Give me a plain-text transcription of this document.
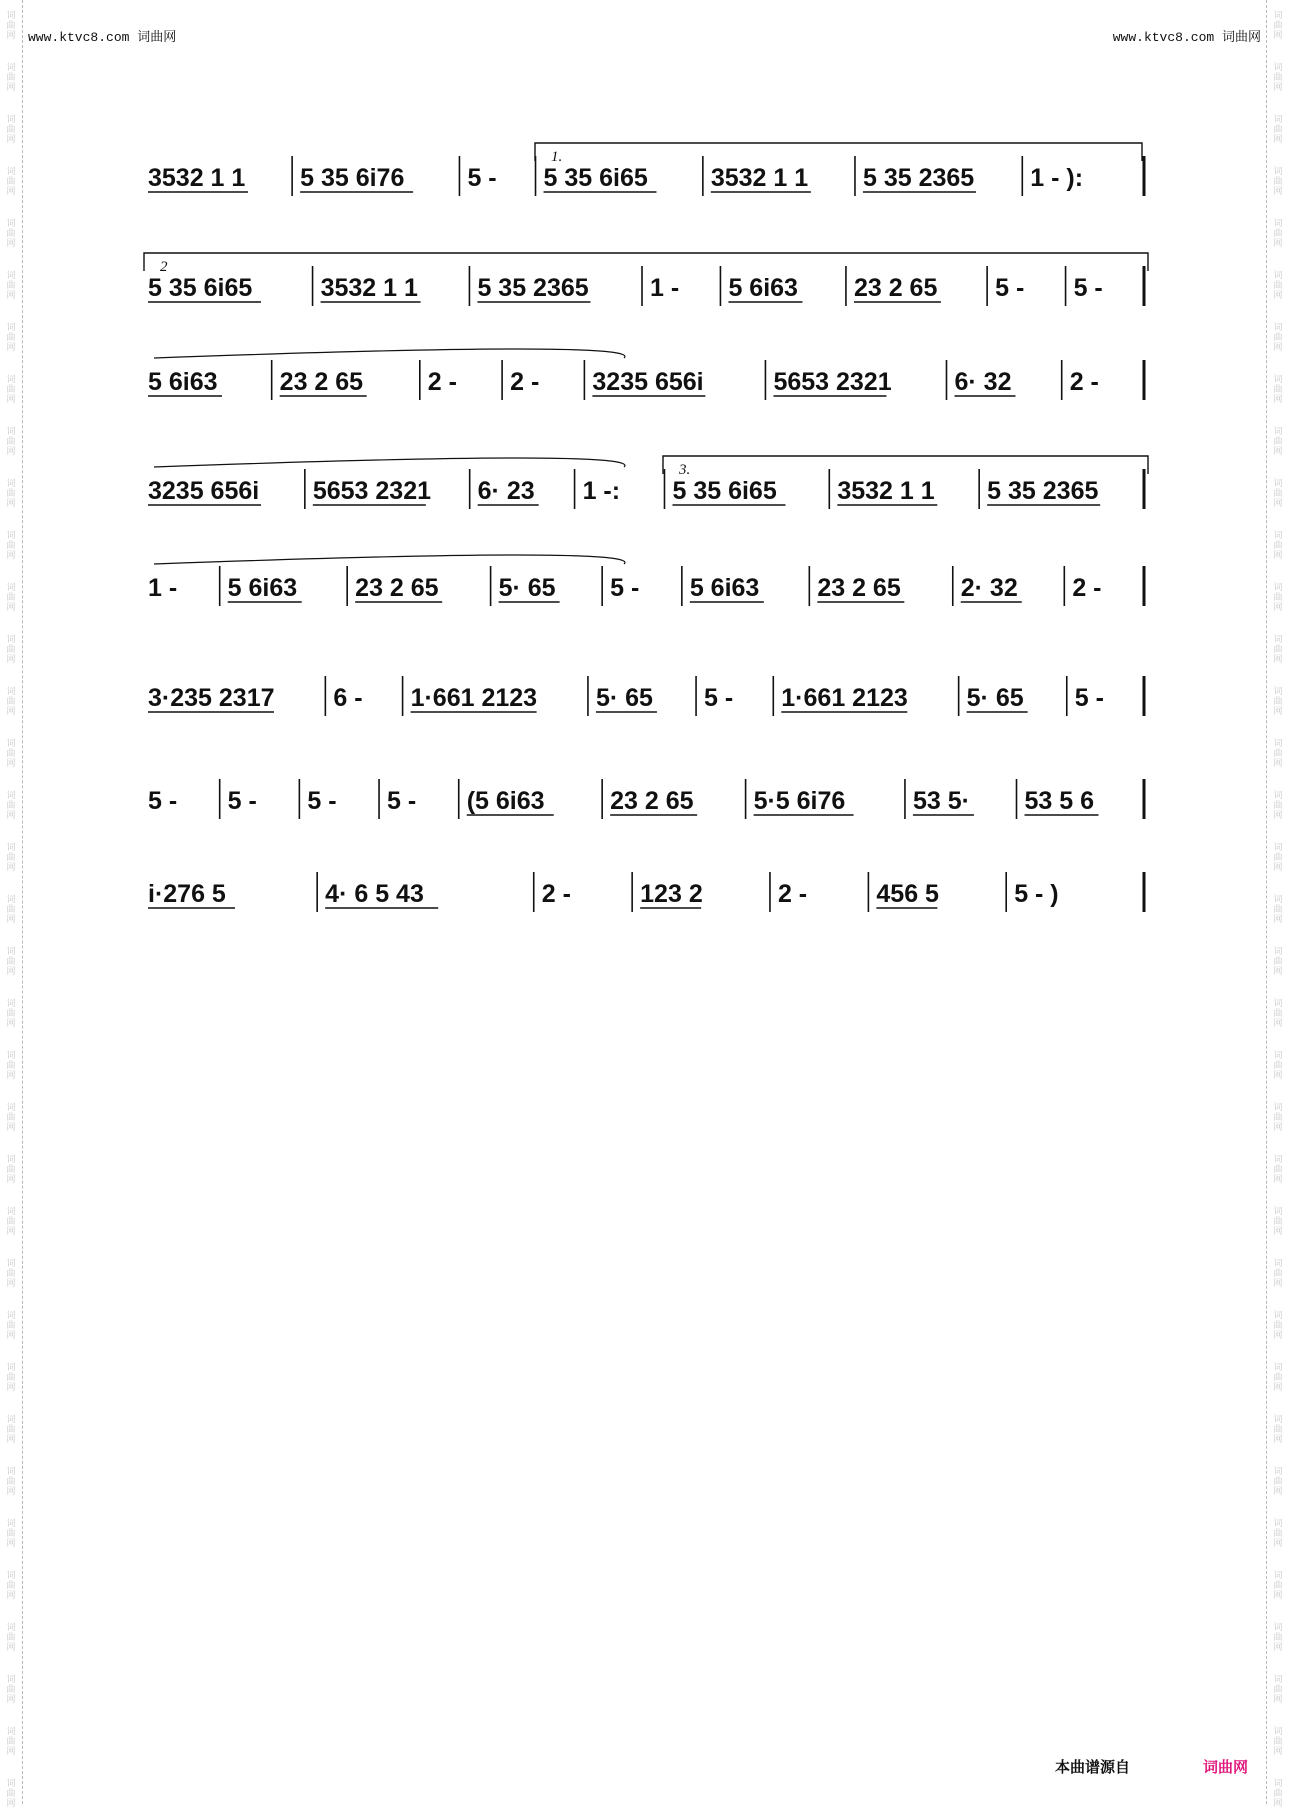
词
曲
网
词
曲
网
词
曲
网
词
曲
网
词
曲
网
词
曲
网
词
曲
网
词
曲
网
词
曲
网
词
曲
网
词
曲
网
词
曲
网
词
曲
网
词
曲
网
词
曲
网
词
曲
网
词
曲
网
词
曲
网
词
曲
网
词
曲
网
词
曲
网
词
曲
网
词
曲
网
词
曲
网
词
曲
网
词
曲
网
词
曲
网
词
曲
网
词
曲
网
词
曲
网
词
曲
网
词
曲
网
词
曲
网
词
曲
网
词
曲
网
词
曲
网
词
曲
网
词
曲
网
词
曲
网
词
曲
网
词
曲
网
词
曲
网
词
曲
网
词
曲
网
词
曲
网
词
曲
网
词
曲
网
词
曲
网
词
曲
网
词
曲
网
词
曲
网
词
曲
网
词
曲
网
词
曲
网
词
曲
网
词
曲
网
词
曲
网
词
曲
网
词
曲
网
词
曲
网
词
曲
网
词
曲
网
词
曲
网
词
曲
网
词
曲
网
词
曲
网
词
曲
网
词
曲
网
词
曲
网
词
曲
网
www.ktvc8.com 词曲网	www.ktvc8.com 词曲网
3532 1 1 5 35 6i76	5 - 5 35 6i65	3532 1 1 5 35 2365 1 - ):
5 35 6i65	3532 1 1 5 35 2365 1 - 5 6i63 23 2 65 5 - 5 -
5 6i63 23 2 65	2 - 2 - 3235 656i	5653 2321	6· 32 2 -
3235 656i 5653 2321 6· 23 1 -: 5 35 6i65 3532 1 1 5 35 2365
1 - 5 6i63 23 2 65 5· 65 5 - 5 6i63 23 2 65 2· 32 2 -
3·235 2317 6 - 1·661 2123 5· 65 5 - 1·661 2123 5· 65 5 -
5 - 5 - 5 - 5 - (5 6i63	23 2 65 5·5 6i76	53 5· 53 5 6
i·276 5	4· 6 5 43	2 -	123 2	2 -	456 5	5 - )
1.
2
3.
本曲谱源自	词曲网
